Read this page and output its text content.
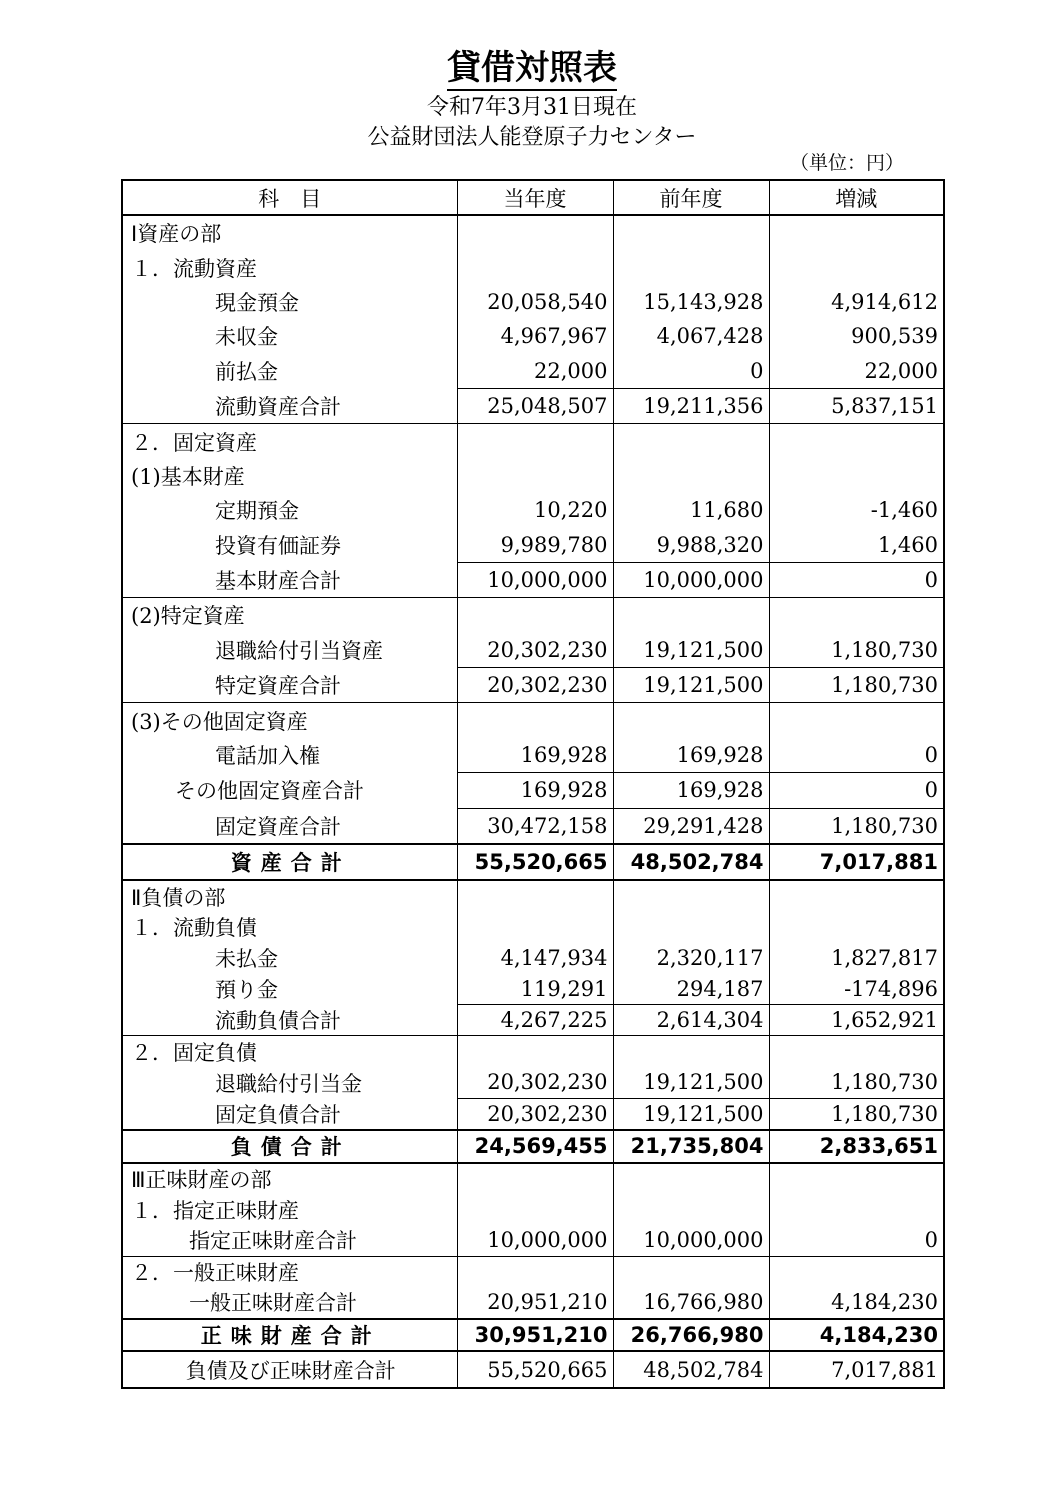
貸借対照表
令和7年3月31日現在
公益財団法人能登原子力センター
（単位：円）
科　目	当年度	前年度	増減
Ⅰ資産の部			
１．流動資産			
現金預金	20,058,540	15,143,928	4,914,612
未収金	4,967,967	4,067,428	900,539
前払金	22,000	0	22,000
流動資産合計	25,048,507	19,211,356	5,837,151
２．固定資産			
(1)基本財産			
定期預金	10,220	11,680	-1,460
投資有価証券	9,989,780	9,988,320	1,460
基本財産合計	10,000,000	10,000,000	0
(2)特定資産			
退職給付引当資産	20,302,230	19,121,500	1,180,730
特定資産合計	20,302,230	19,121,500	1,180,730
(3)その他固定資産			
電話加入権	169,928	169,928	0
その他固定資産合計	169,928	169,928	0
固定資産合計	30,472,158	29,291,428	1,180,730
資産合計	55,520,665	48,502,784	7,017,881
Ⅱ負債の部			
１．流動負債			
未払金	4,147,934	2,320,117	1,827,817
預り金	119,291	294,187	-174,896
流動負債合計	4,267,225	2,614,304	1,652,921
２．固定負債			
退職給付引当金	20,302,230	19,121,500	1,180,730
固定負債合計	20,302,230	19,121,500	1,180,730
負債合計	24,569,455	21,735,804	2,833,651
Ⅲ正味財産の部			
１．指定正味財産			
指定正味財産合計	10,000,000	10,000,000	0
２．一般正味財産			
一般正味財産合計	20,951,210	16,766,980	4,184,230
正味財産合計	30,951,210	26,766,980	4,184,230
負債及び正味財産合計	55,520,665	48,502,784	7,017,881
